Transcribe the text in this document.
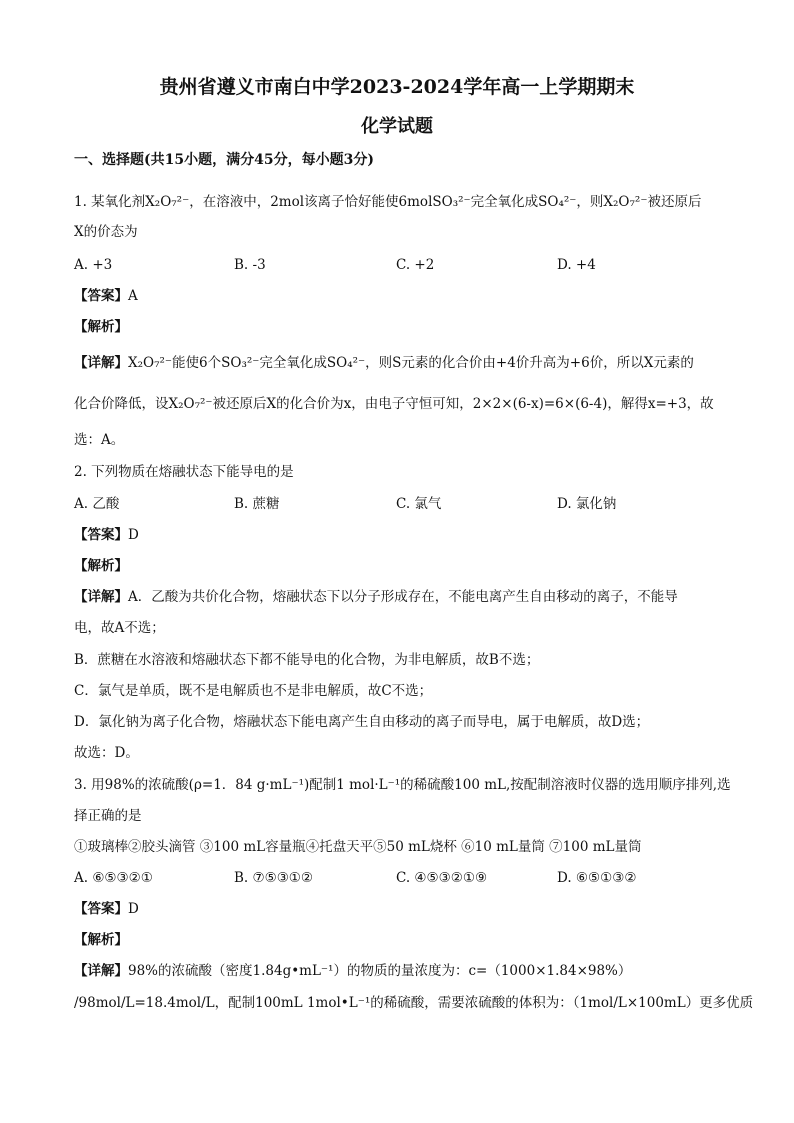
贵州省遵义市南白中学2023-2024学年高一上学期期末
化学试题
一、选择题(共15小题，满分45分，每小题3分)
1. 某氧化剂X₂O₇²⁻，在溶液中，2mol该离子恰好能使6molSO₃²⁻完全氧化成SO₄²⁻，则X₂O₇²⁻被还原后
X的价态为
A. +3	B. -3	C. +2	D. +4
【答案】A
【解析】
【详解】X₂O₇²⁻能使6个SO₃²⁻完全氧化成SO₄²⁻，则S元素的化合价由+4价升高为+6价，所以X元素的
化合价降低，设X₂O₇²⁻被还原后X的化合价为x，由电子守恒可知，2×2×(6-x)=6×(6-4)，解得x=+3，故
选：A。
2. 下列物质在熔融状态下能导电的是
A. 乙酸	B. 蔗糖	C. 氯气	D. 氯化钠
【答案】D
【解析】
【详解】A．乙酸为共价化合物，熔融状态下以分子形成存在，不能电离产生自由移动的离子，不能导
电，故A不选；
B．蔗糖在水溶液和熔融状态下都不能导电的化合物，为非电解质，故B不选；
C．氯气是单质，既不是电解质也不是非电解质，故C不选；
D．氯化钠为离子化合物，熔融状态下能电离产生自由移动的离子而导电，属于电解质，故D选；
故选：D。
3. 用98%的浓硫酸(ρ=1．84 g·mL⁻¹)配制1 mol·L⁻¹的稀硫酸100 mL,按配制溶液时仪器的选用顺序排列,选
择正确的是
①玻璃棒②胶头滴管 ③100 mL容量瓶④托盘天平⑤50 mL烧杯 ⑥10 mL量筒 ⑦100 mL量筒
A. ⑥⑤③②①	B. ⑦⑤③①②	C. ④⑤③②①⑨	D. ⑥⑤①③②
【答案】D
【解析】
【详解】98%的浓硫酸（密度1.84g•mL⁻¹）的物质的量浓度为：c=（1000×1.84×98%）
/98mol/L=18.4mol/L，配制100mL 1mol•L⁻¹的稀硫酸，需要浓硫酸的体积为：（1mol/L×100mL）更多优质
